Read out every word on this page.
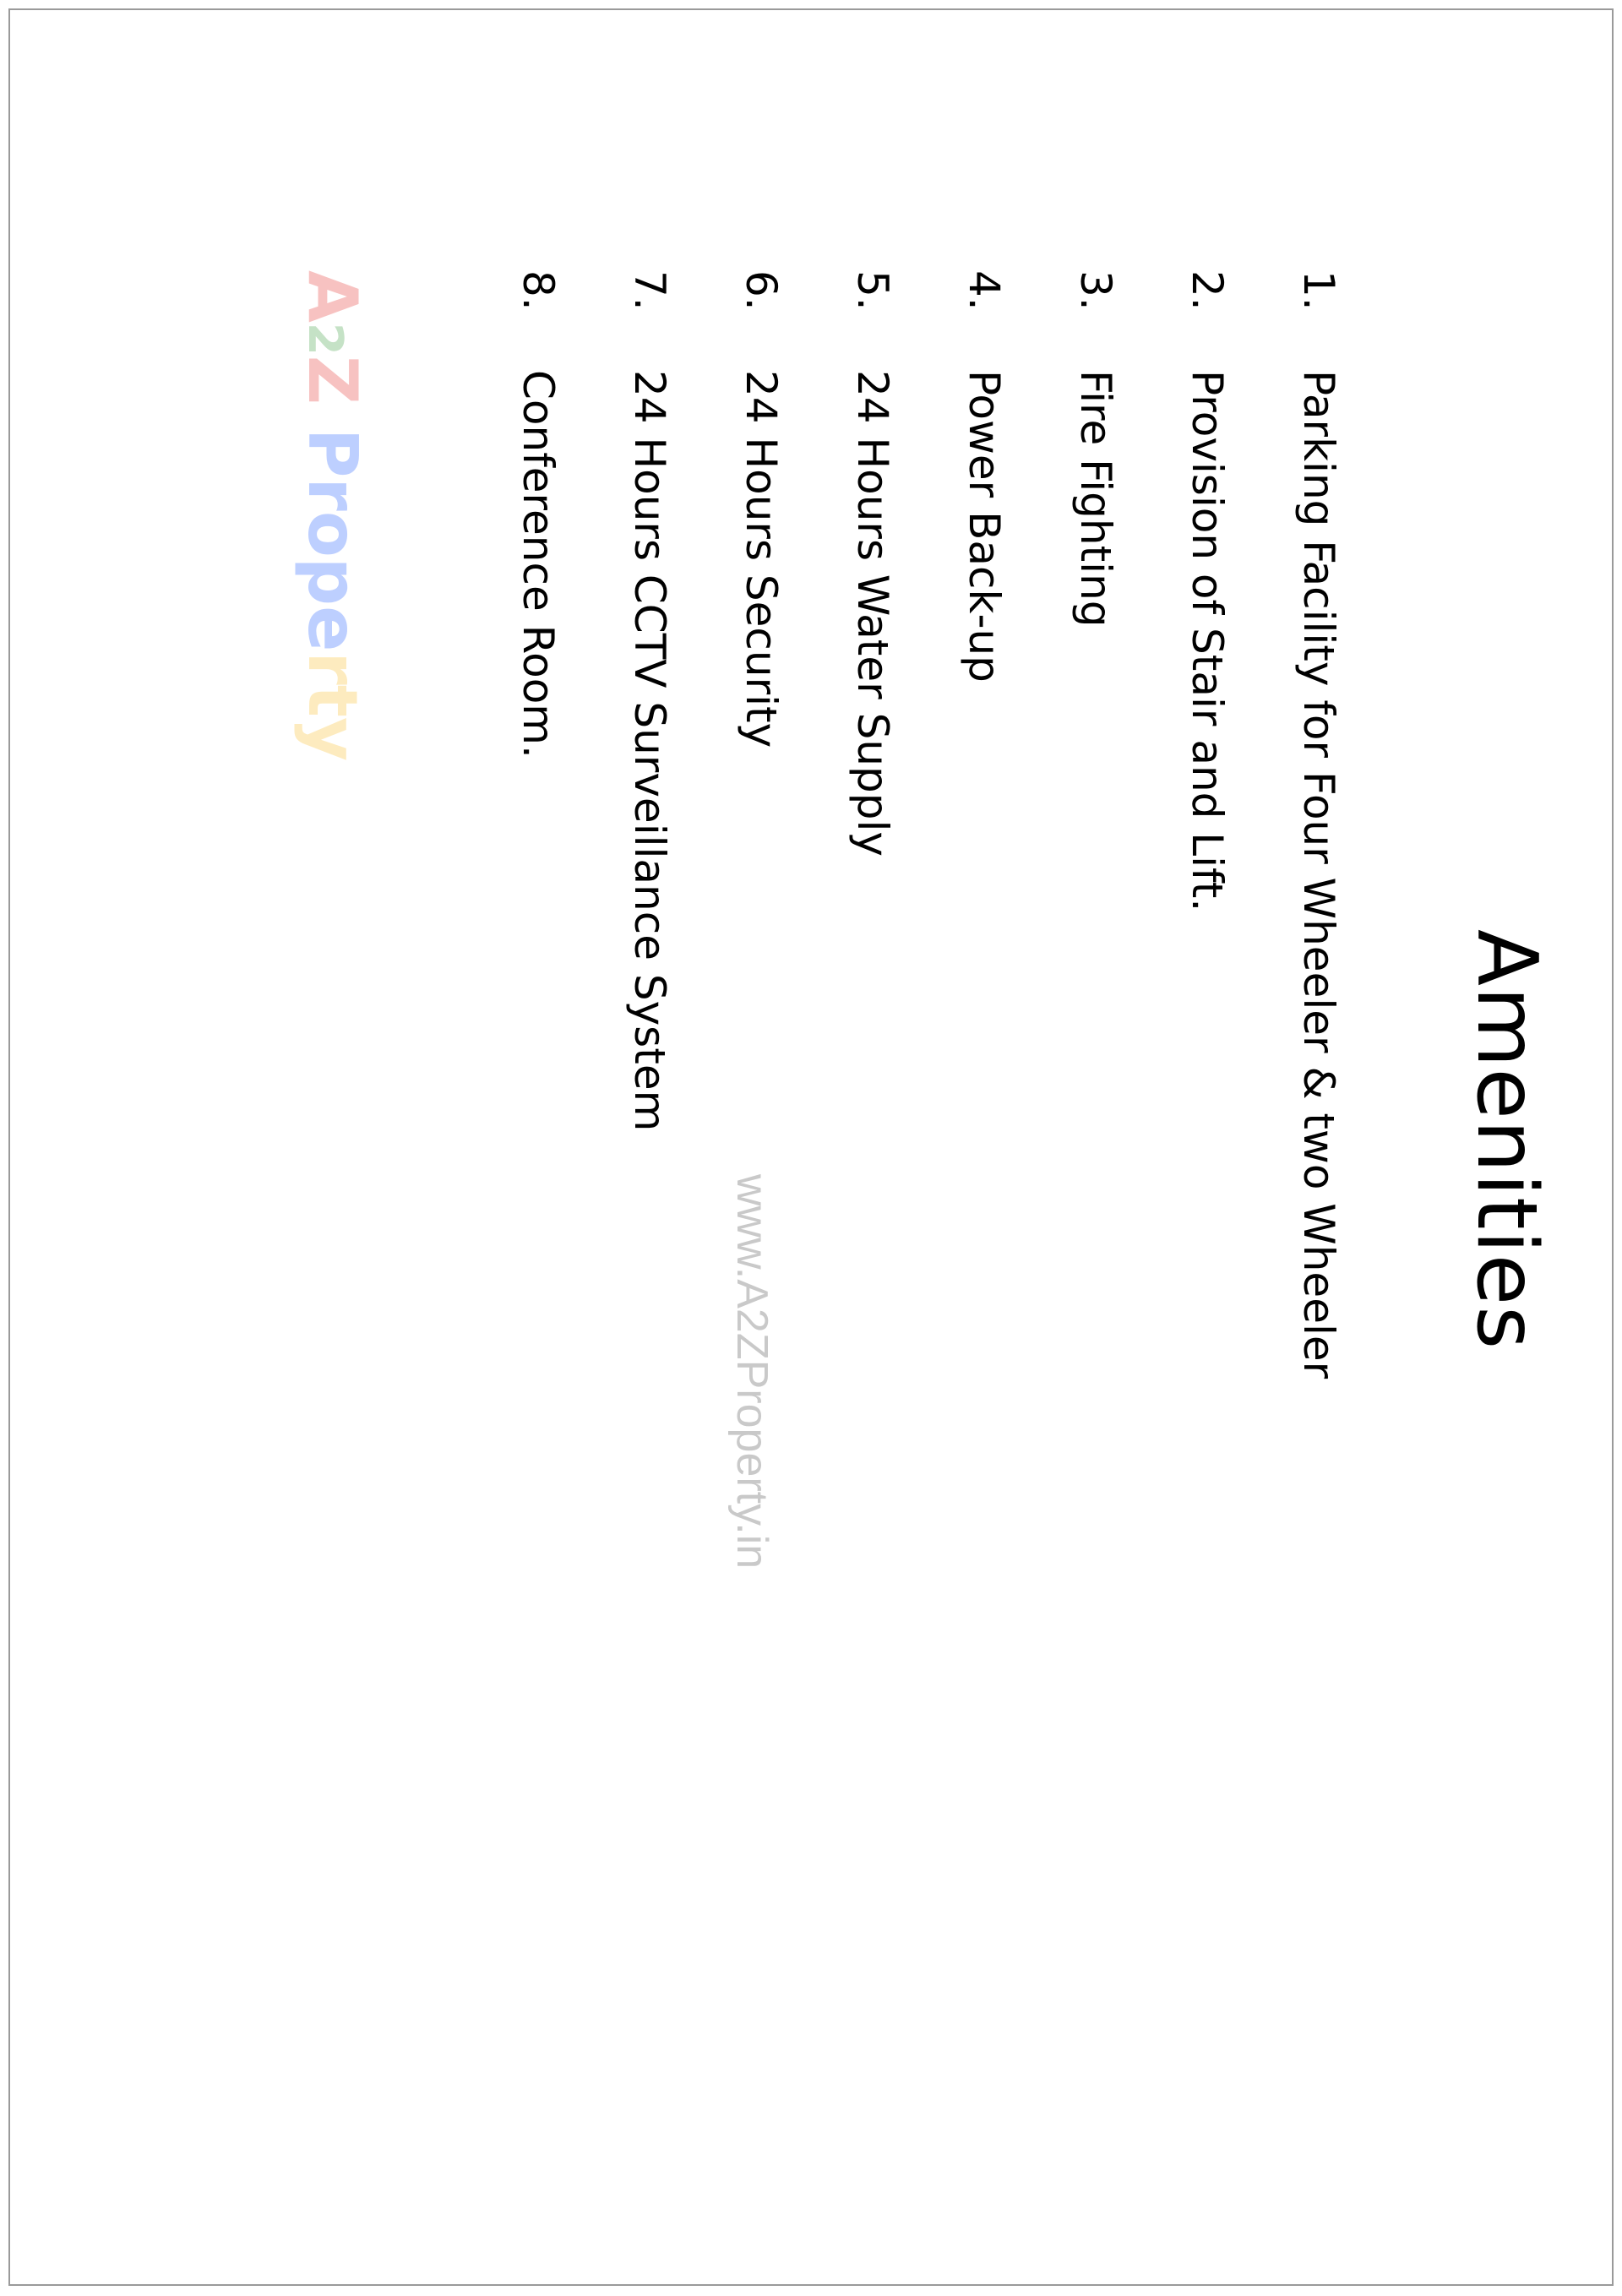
Amenities
1.
Parking Facility for Four Wheeler & two Wheeler
2.
Provision of Stair and Lift.
3.
Fire Fighting
4.
Power Back-up
5.
24 Hours Water Supply
6.
24 Hours Security
7.
24 Hours CCTV Surveillance System
8.
Conference Room.
A2Z Property
www.A2ZProperty.in
